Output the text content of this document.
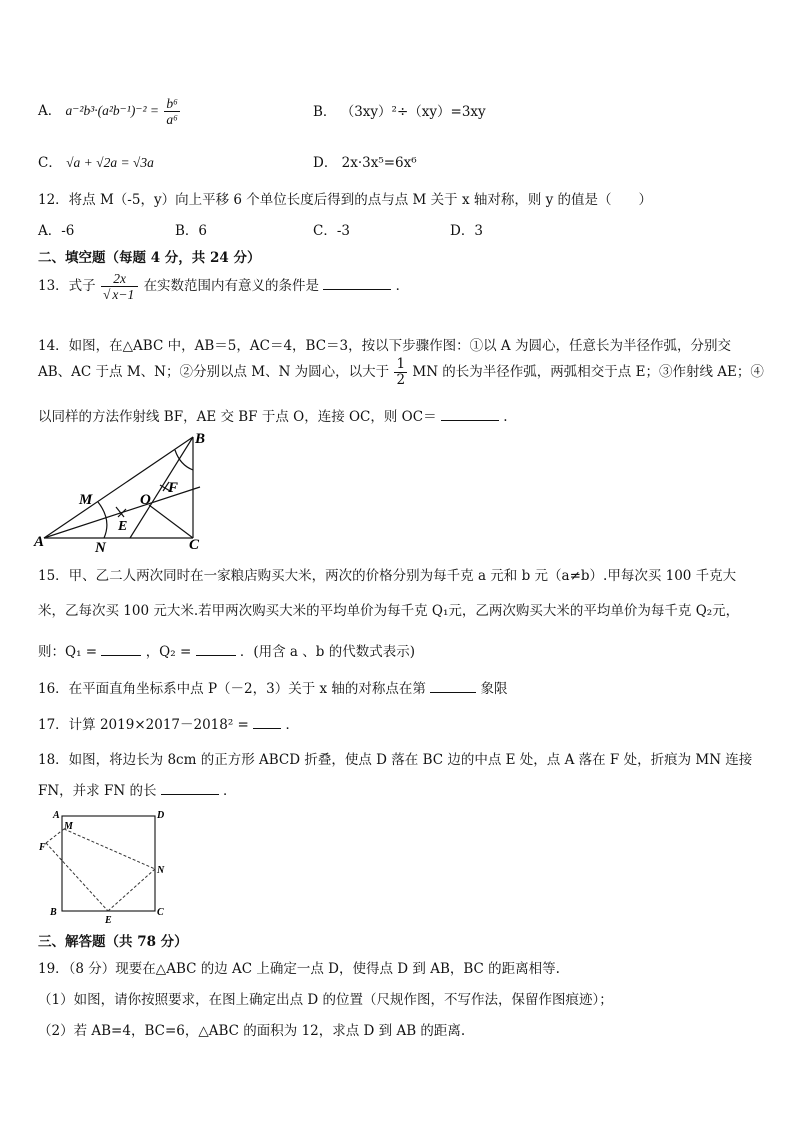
A． $a^{-2}b^3\cdot(a^2b^{-1})^{-2} = \frac{\text{b⁶}}{\text{a⁶}}$	B． （3xy）²÷（xy）=3xy
C． √a + √2a = √3a	D． 2x·3x⁵=6x⁶
12．将点 M（-5，y）向上平移 6 个单位长度后得到的点与点 M 关于 x 轴对称，则 y 的值是（　　）
A．-6	B．6	C．-3	D．3
二、填空题（每题 4 分，共 24 分）
13．式子 $\frac{2x}{√ x-1}$ 在实数范围内有意义的条件是	．
14．如图，在△ABC 中，AB＝5，AC＝4，BC＝3，按以下步骤作图：①以 A 为圆心，任意长为半径作弧，分别交
AB、AC 于点 M、N；②分别以点 M、N 为圆心，以大于 $\frac{1}{2}$ MN 的长为半径作弧，两弧相交于点 E；③作射线 AE；④
以同样的方法作射线 BF，AE 交 BF 于点 O，连接 OC，则 OC＝	.
A
B
C
M
N
E
O
F
15．甲、乙二人两次同时在一家粮店购买大米，两次的价格分别为每千克 a 元和 b 元（a≠b）.甲每次买 100 千克大
米，乙每次买 100 元大米.若甲两次购买大米的平均单价为每千克 Q₁元，乙两次购买大米的平均单价为每千克 Q₂元，
则：Q₁ =	，Q₂ =	．(用含 a 、b 的代数式表示)
16．在平面直角坐标系中点 P（－2，3）关于 x 轴的对称点在第	象限
17．计算 2019×2017－2018² =	．
18．如图，将边长为 8cm 的正方形 ABCD 折叠，使点 D 落在 BC 边的中点 E 处，点 A 落在 F 处，折痕为 MN 连接
FN，并求 FN 的长	．
A	D
M
F
N
B	C
E
三、解答题（共 78 分）
19．（8 分）现要在△ABC 的边 AC 上确定一点 D，使得点 D 到 AB，BC 的距离相等.
（1）如图，请你按照要求，在图上确定出点 D 的位置（尺规作图，不写作法，保留作图痕迹）；
（2）若 AB=4，BC=6，△ABC 的面积为 12，求点 D 到 AB 的距离.
